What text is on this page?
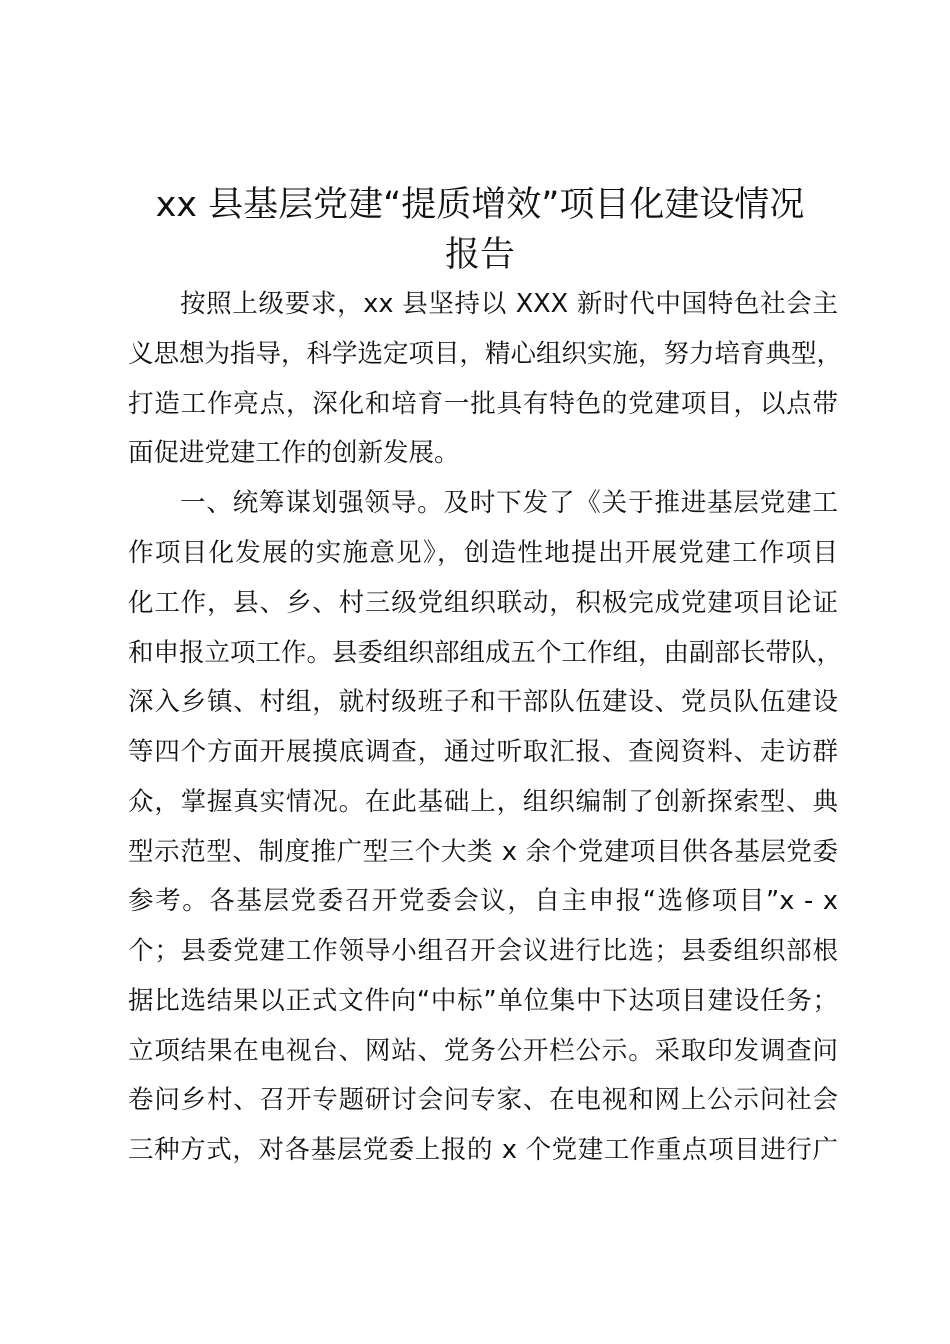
xx 县基层党建“提质增效”项目化建设情况
报告
按照上级要求，xx 县坚持以 XXX 新时代中国特色社会主
义思想为指导，科学选定项目，精心组织实施，努力培育典型，
打造工作亮点，深化和培育一批具有特色的党建项目，以点带
面促进党建工作的创新发展。
一、统筹谋划强领导。及时下发了《关于推进基层党建工
作项目化发展的实施意见》，创造性地提出开展党建工作项目
化工作，县、乡、村三级党组织联动，积极完成党建项目论证
和申报立项工作。县委组织部组成五个工作组，由副部长带队，
深入乡镇、村组，就村级班子和干部队伍建设、党员队伍建设
等四个方面开展摸底调查，通过听取汇报、查阅资料、走访群
众，掌握真实情况。在此基础上，组织编制了创新探索型、典
型示范型、制度推广型三个大类 x 余个党建项目供各基层党委
参考。各基层党委召开党委会议，自主申报“选修项目”x - x
个；县委党建工作领导小组召开会议进行比选；县委组织部根
据比选结果以正式文件向“中标”单位集中下达项目建设任务；
立项结果在电视台、网站、党务公开栏公示。采取印发调查问
卷问乡村、召开专题研讨会问专家、在电视和网上公示问社会
三种方式，对各基层党委上报的 x 个党建工作重点项目进行广
